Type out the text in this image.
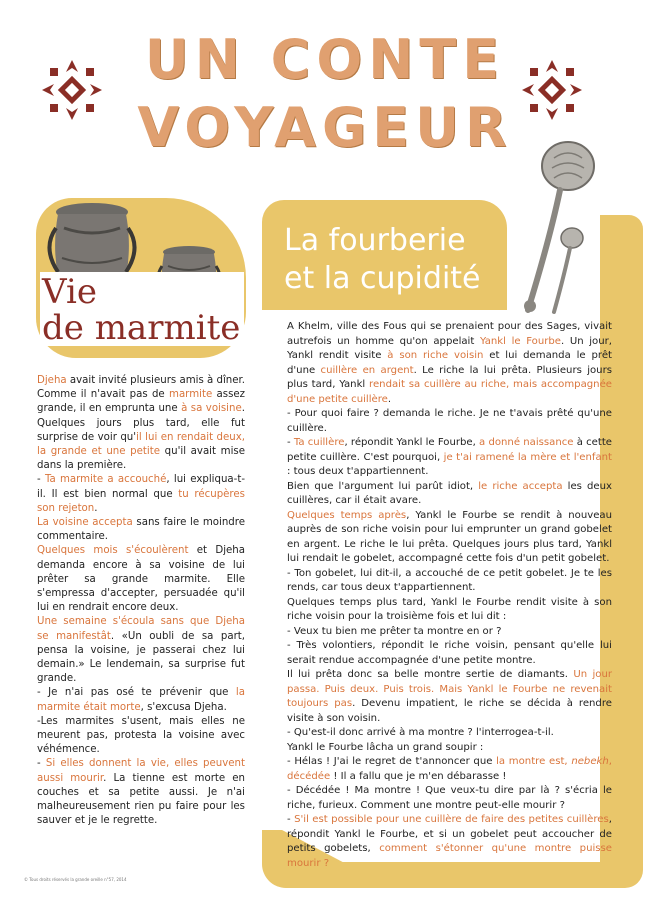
UN CONTE
VOYAGEUR
Vie
de marmite

Djeha avait invité plusieurs amis à dîner. Comme il n'avait pas de marmite assez grande, il en emprunta une à sa voisine. Quelques jours plus tard, elle fut surprise de voir qu'il lui en rendait deux, la grande et une petite qu'il avait mise dans la première.

- Ta marmite a accouché, lui expliqua-t-il. Il est bien normal que tu récupères son rejeton.

La voisine accepta sans faire le moindre commentaire.

Quelques mois s'écoulèrent et Djeha demanda encore à sa voisine de lui prêter sa grande marmite. Elle s'empressa d'accepter, persuadée qu'il lui en rendrait encore deux.

Une semaine s'écoula sans que Djeha se manifestât. «Un oubli de sa part, pensa la voisine, je passerai chez lui demain.» Le lendemain, sa surprise fut grande.

- Je n'ai pas osé te prévenir que la marmite était morte, s'excusa Djeha.

-Les marmites s'usent, mais elles ne meurent pas, protesta la voisine avec véhémence.

- Si elles donnent la vie, elles peuvent aussi mourir. La tienne est morte en couches et sa petite aussi. Je n'ai malheureusement rien pu faire pour les sauver et je le regrette.

La fourberie
et la cupidité

A Khelm, ville des Fous qui se prenaient pour des Sages, vivait autrefois un homme qu'on appelait Yankl le Fourbe. Un jour, Yankl rendit visite à son riche voisin et lui demanda le prêt d'une cuillère en argent. Le riche la lui prêta. Plusieurs jours plus tard, Yankl rendait sa cuillère au riche, mais accompagnée d'une petite cuillère.

- Pour quoi faire ? demanda le riche. Je ne t'avais prêté qu'une cuillère.

- Ta cuillère, répondit Yankl le Fourbe, a donné naissance à cette petite cuillère. C'est pourquoi, je t'ai ramené la mère et l'enfant : tous deux t'appartiennent.

Bien que l'argument lui parût idiot, le riche accepta les deux cuillères, car il était avare.

Quelques temps après, Yankl le Fourbe se rendit à nouveau auprès de son riche voisin pour lui emprunter un grand gobelet en argent. Le riche le lui prêta. Quelques jours plus tard, Yankl lui rendait le gobelet, accompagné cette fois d'un petit gobelet.

- Ton gobelet, lui dit-il, a accouché de ce petit gobelet. Je te les rends, car tous deux t'appartiennent.

Quelques temps plus tard, Yankl le Fourbe rendit visite à son riche voisin pour la troisième fois et lui dit :

- Veux tu bien me prêter ta montre en or ?

- Très volontiers, répondit le riche voisin, pensant qu'elle lui serait rendue accompagnée d'une petite montre.

Il lui prêta donc sa belle montre sertie de diamants. Un jour passa. Puis deux. Puis trois. Mais Yankl le Fourbe ne revenait toujours pas. Devenu impatient, le riche se décida à rendre visite à son voisin.

- Qu'est-il donc arrivé à ma montre ? l'interrogea-t-il.

Yankl le Fourbe lâcha un grand soupir :

- Hélas ! J'ai le regret de t'annoncer que la montre est, nebekh, décédée ! Il a fallu que je m'en débarasse !

- Décédée ! Ma montre ! Que veux-tu dire par là ? s'écria le riche, furieux. Comment une montre peut-elle mourir ?

- S'il est possible pour une cuillère de faire des petites cuillères, répondit Yankl le Fourbe, et si un gobelet peut accoucher de petits gobelets, comment s'étonner qu'une montre puisse mourir ?

© Tous droits réservés la grande oreille n°57, 2014
